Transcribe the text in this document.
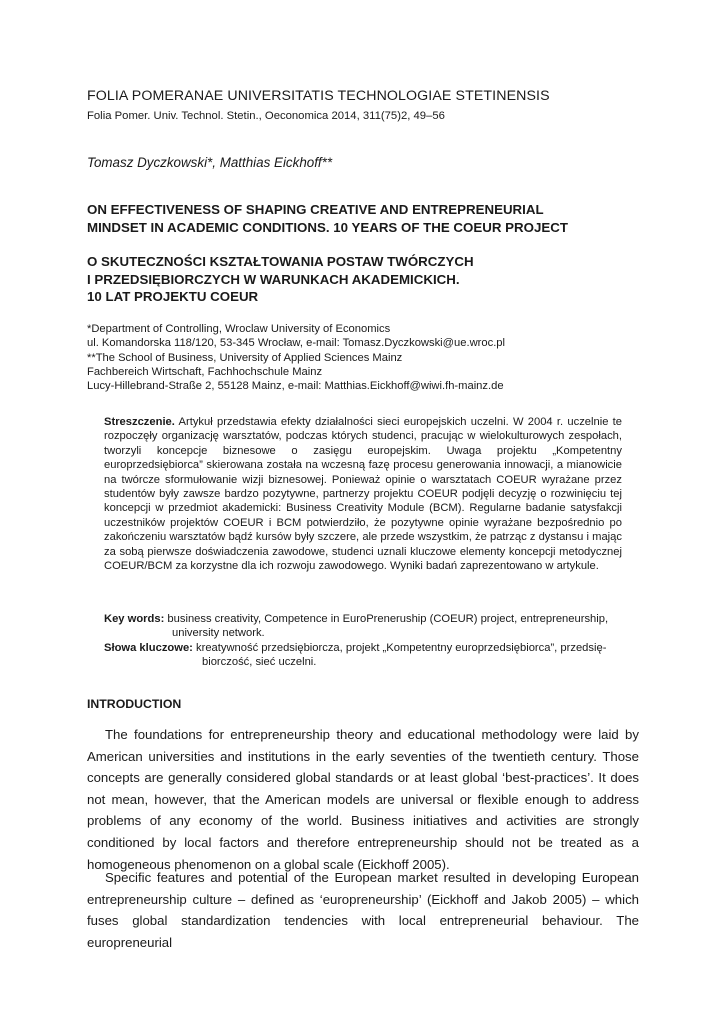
FOLIA POMERANAE UNIVERSITATIS TECHNOLOGIAE STETINENSIS
Folia Pomer. Univ. Technol. Stetin., Oeconomica 2014, 311(75)2, 49–56
Tomasz Dyczkowski*, Matthias Eickhoff**
ON EFFECTIVENESS OF SHAPING CREATIVE AND ENTREPRENEURIAL
MINDSET IN ACADEMIC CONDITIONS. 10 YEARS OF THE COEUR PROJECT
O SKUTECZNOŚCI KSZTAŁTOWANIA POSTAW TWÓRCZYCH
I PRZEDSIĘBIORCZYCH W WARUNKACH AKADEMICKICH.
10 LAT PROJEKTU COEUR
*Department of Controlling, Wroclaw University of Economics
ul. Komandorska 118/120, 53-345 Wrocław, e-mail: Tomasz.Dyczkowski@ue.wroc.pl
**The School of Business, University of Applied Sciences Mainz
Fachbereich Wirtschaft, Fachhochschule Mainz
Lucy-Hillebrand-Straße 2, 55128 Mainz, e-mail: Matthias.Eickhoff@wiwi.fh-mainz.de
Streszczenie. Artykuł przedstawia efekty działalności sieci europejskich uczelni. W 2004 r. uczelnie te rozpoczęły organizację warsztatów, podczas których studenci, pracując w wielokulturowych zespołach, tworzyli koncepcje biznesowe o zasięgu europejskim. Uwaga projektu „Kompetentny europrzedsiębiorca” skierowana została na wczesną fazę procesu generowania innowacji, a mianowicie na twórcze sformułowanie wizji biznesowej. Ponieważ opinie o warsztatach COEUR wyrażane przez studentów były zawsze bardzo pozytywne, partnerzy projektu COEUR podjęli decyzję o rozwinięciu tej koncepcji w przedmiot akademicki: Business Creativity Module (BCM). Regularne badanie satysfakcji uczestników projektów COEUR i BCM potwierdziło, że pozytywne opinie wyrażane bezpośrednio po zakończeniu warsztatów bądź kursów były szczere, ale przede wszystkim, że patrząc z dystansu i mając za sobą pierwsze doświadczenia zawodowe, studenci uznali kluczowe elementy koncepcji metodycznej COEUR/BCM za korzystne dla ich rozwoju zawodowego. Wyniki badań zaprezentowano w artykule.
Key words: business creativity, Competence in EuroPreneruship (COEUR) project, entrepreneurship,
university network.
Słowa kluczowe: kreatywność przedsiębiorcza, projekt „Kompetentny europrzedsiębiorca”, przedsię-
biorczość, sieć uczelni.
INTRODUCTION

The foundations for entrepreneurship theory and educational methodology were laid by American universities and institutions in the early seventies of the twentieth century. Those concepts are generally considered global standards or at least global ‘best-practices’. It does not mean, however, that the American models are universal or flexible enough to address problems of any economy of the world. Business initiatives and activities are strongly conditioned by local factors and therefore entrepreneurship should not be treated as a homogeneous phenomenon on a global scale (Eickhoff 2005).

Specific features and potential of the European market resulted in developing European entrepreneurship culture – defined as ‘europreneurship’ (Eickhoff and Jakob 2005) – which fuses global standardization tendencies with local entrepreneurial behaviour. The europreneurial
